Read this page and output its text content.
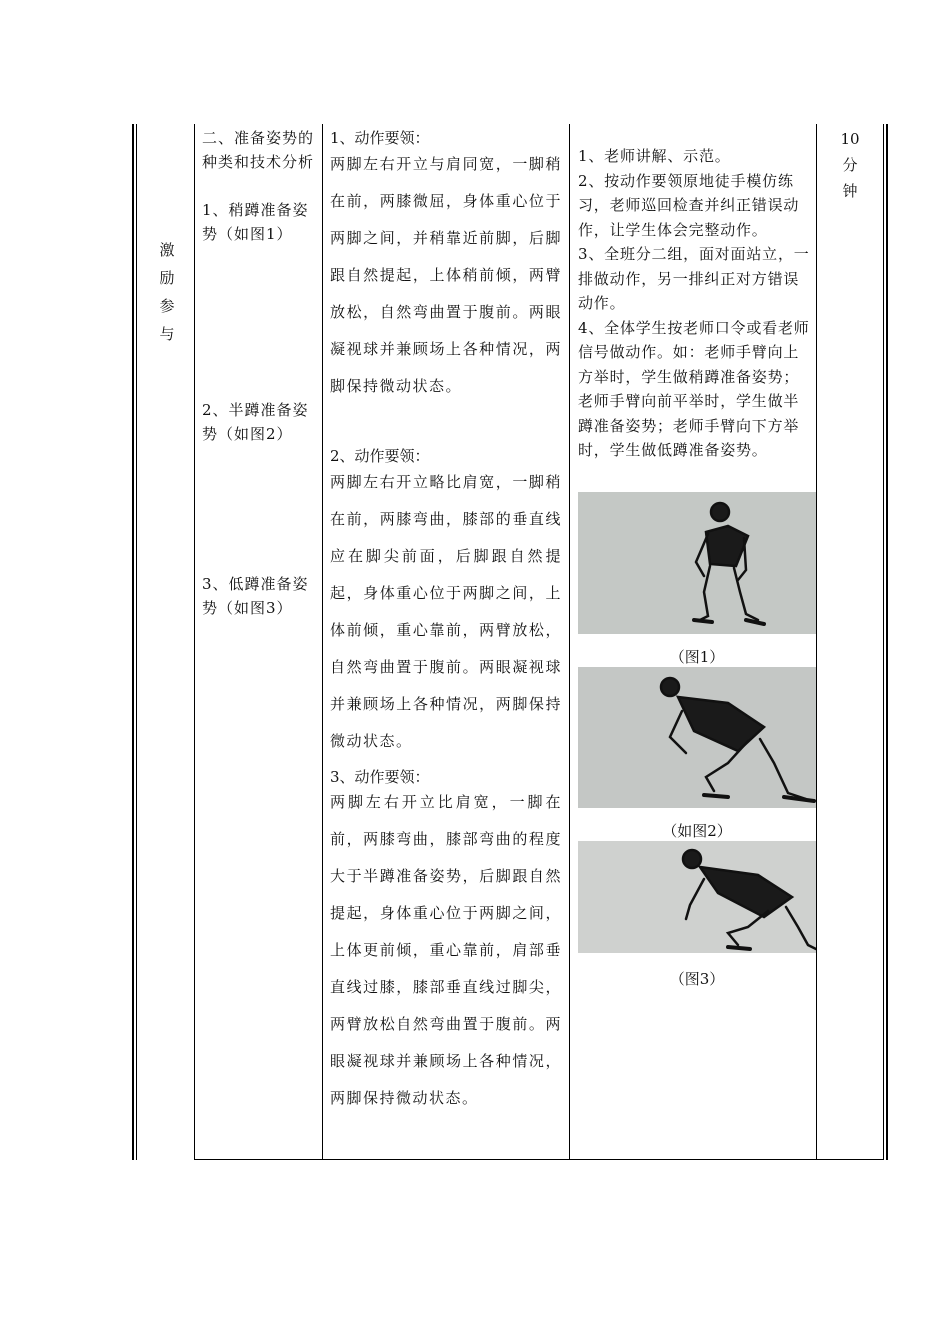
激励参与
二、准备姿势的种类和技术分析
1、稍蹲准备姿势（如图1）
2、半蹲准备姿势（如图2）
3、低蹲准备姿势（如图3）
1、动作要领：
两脚左右开立与肩同宽，一脚稍在前，两膝微屈，身体重心位于两脚之间，并稍靠近前脚，后脚跟自然提起，上体稍前倾，两臂放松，自然弯曲置于腹前。两眼凝视球并兼顾场上各种情况，两脚保持微动状态。
2、动作要领：
两脚左右开立略比肩宽，一脚稍在前，两膝弯曲，膝部的垂直线应在脚尖前面，后脚跟自然提起，身体重心位于两脚之间，上体前倾，重心靠前，两臂放松，自然弯曲置于腹前。两眼凝视球并兼顾场上各种情况，两脚保持微动状态。
3、动作要领：
两脚左右开立比肩宽，一脚在前，两膝弯曲，膝部弯曲的程度大于半蹲准备姿势，后脚跟自然提起，身体重心位于两脚之间，上体更前倾，重心靠前，肩部垂直线过膝，膝部垂直线过脚尖，两臂放松自然弯曲置于腹前。两眼凝视球并兼顾场上各种情况，两脚保持微动状态。
1、老师讲解、示范。
2、按动作要领原地徒手模仿练习，老师巡回检查并纠正错误动作，让学生体会完整动作。
3、全班分二组，面对面站立，一排做动作，另一排纠正对方错误动作。
4、全体学生按老师口令或看老师信号做动作。如：老师手臂向上方举时，学生做稍蹲准备姿势；老师手臂向前平举时，学生做半蹲准备姿势；老师手臂向下方举时，学生做低蹲准备姿势。
（图1）
（如图2）
（图3）
10
分
钟
